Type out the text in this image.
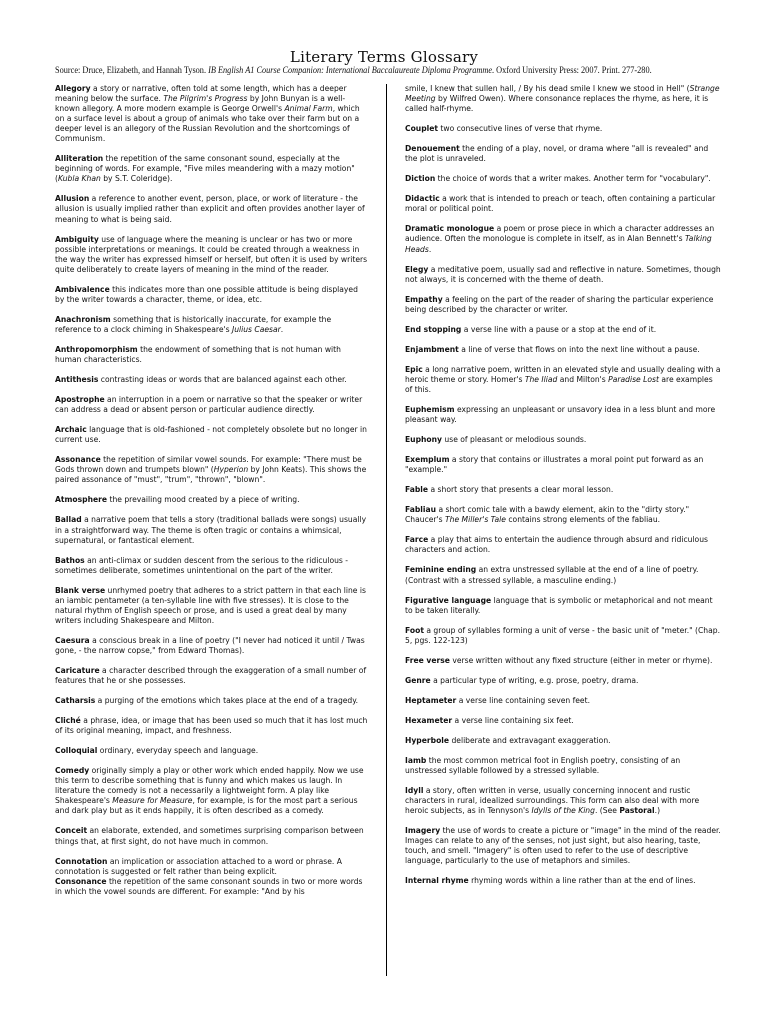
Literary Terms Glossary
Source: Druce, Elizabeth, and Hannah Tyson. IB English A1 Course Companion: International Baccalaureate Diploma Programme. Oxford University Press: 2007. Print. 277-280.
Allegory a story or narrative, often told at some length, which has a deeper meaning below the surface. The Pilgrim's Progress by John Bunyan is a well-known allegory. A more modern example is George Orwell's Animal Farm, which on a surface level is about a group of animals who take over their farm but on a deeper level is an allegory of the Russian Revolution and the shortcomings of Communism.
Alliteration the repetition of the same consonant sound, especially at the beginning of words. For example, "Five miles meandering with a mazy motion" (Kubla Khan by S.T. Coleridge).
Allusion a reference to another event, person, place, or work of literature - the allusion is usually implied rather than explicit and often provides another layer of meaning to what is being said.
Ambiguity use of language where the meaning is unclear or has two or more possible interpretations or meanings. It could be created through a weakness in the way the writer has expressed himself or herself, but often it is used by writers quite deliberately to create layers of meaning in the mind of the reader.
Ambivalence this indicates more than one possible attitude is being displayed by the writer towards a character, theme, or idea, etc.
Anachronism something that is historically inaccurate, for example the reference to a clock chiming in Shakespeare's Julius Caesar.
Anthropomorphism the endowment of something that is not human with human characteristics.
Antithesis contrasting ideas or words that are balanced against each other.
Apostrophe an interruption in a poem or narrative so that the speaker or writer can address a dead or absent person or particular audience directly.
Archaic language that is old-fashioned - not completely obsolete but no longer in current use.
Assonance the repetition of similar vowel sounds. For example: "There must be Gods thrown down and trumpets blown" (Hyperion by John Keats). This shows the paired assonance of "must", "trum", "thrown", "blown".
Atmosphere the prevailing mood created by a piece of writing.
Ballad a narrative poem that tells a story (traditional ballads were songs) usually in a straightforward way. The theme is often tragic or contains a whimsical, supernatural, or fantastical element.
Bathos an anti-climax or sudden descent from the serious to the ridiculous - sometimes deliberate, sometimes unintentional on the part of the writer.
Blank verse unrhymed poetry that adheres to a strict pattern in that each line is an iambic pentameter (a ten-syllable line with five stresses). It is close to the natural rhythm of English speech or prose, and is used a great deal by many writers including Shakespeare and Milton.
Caesura a conscious break in a line of poetry ("I never had noticed it until / Twas gone, - the narrow copse," from Edward Thomas).
Caricature a character described through the exaggeration of a small number of features that he or she possesses.
Catharsis a purging of the emotions which takes place at the end of a tragedy.
Cliché a phrase, idea, or image that has been used so much that it has lost much of its original meaning, impact, and freshness.
Colloquial ordinary, everyday speech and language.
Comedy originally simply a play or other work which ended happily. Now we use this term to describe something that is funny and which makes us laugh. In literature the comedy is not a necessarily a lightweight form. A play like Shakespeare's Measure for Measure, for example, is for the most part a serious and dark play but as it ends happily, it is often described as a comedy.
Conceit an elaborate, extended, and sometimes surprising comparison between things that, at first sight, do not have much in common.
Connotation an implication or association attached to a word or phrase. A connotation is suggested or felt rather than being explicit.
Consonance the repetition of the same consonant sounds in two or more words in which the vowel sounds are different. For example: "And by his
smile, I knew that sullen hall, / By his dead smile I knew we stood in Hell" (Strange Meeting by Wilfred Owen). Where consonance replaces the rhyme, as here, it is called half-rhyme.
Couplet two consecutive lines of verse that rhyme.
Denouement the ending of a play, novel, or drama where "all is revealed" and the plot is unraveled.
Diction the choice of words that a writer makes. Another term for "vocabulary".
Didactic a work that is intended to preach or teach, often containing a particular moral or political point.
Dramatic monologue a poem or prose piece in which a character addresses an audience. Often the monologue is complete in itself, as in Alan Bennett's Talking Heads.
Elegy a meditative poem, usually sad and reflective in nature. Sometimes, though not always, it is concerned with the theme of death.
Empathy a feeling on the part of the reader of sharing the particular experience being described by the character or writer.
End stopping a verse line with a pause or a stop at the end of it.
Enjambment a line of verse that flows on into the next line without a pause.
Epic a long narrative poem, written in an elevated style and usually dealing with a heroic theme or story. Homer's The Iliad and Milton's Paradise Lost are examples of this.
Euphemism expressing an unpleasant or unsavory idea in a less blunt and more pleasant way.
Euphony use of pleasant or melodious sounds.
Exemplum a story that contains or illustrates a moral point put forward as an "example."
Fable a short story that presents a clear moral lesson.
Fabliau a short comic tale with a bawdy element, akin to the "dirty story." Chaucer's The Miller's Tale contains strong elements of the fabliau.
Farce a play that aims to entertain the audience through absurd and ridiculous characters and action.
Feminine ending an extra unstressed syllable at the end of a line of poetry. (Contrast with a stressed syllable, a masculine ending.)
Figurative language language that is symbolic or metaphorical and not meant to be taken literally.
Foot a group of syllables forming a unit of verse - the basic unit of "meter." (Chap. 5, pgs. 122-123)
Free verse verse written without any fixed structure (either in meter or rhyme).
Genre a particular type of writing, e.g. prose, poetry, drama.
Heptameter a verse line containing seven feet.
Hexameter a verse line containing six feet.
Hyperbole deliberate and extravagant exaggeration.
Iamb the most common metrical foot in English poetry, consisting of an unstressed syllable followed by a stressed syllable.
Idyll a story, often written in verse, usually concerning innocent and rustic characters in rural, idealized surroundings. This form can also deal with more heroic subjects, as in Tennyson's Idylls of the King. (See Pastoral.)
Imagery the use of words to create a picture or "image" in the mind of the reader. Images can relate to any of the senses, not just sight, but also hearing, taste, touch, and smell. "Imagery" is often used to refer to the use of descriptive language, particularly to the use of metaphors and similes.
Internal rhyme rhyming words within a line rather than at the end of lines.
